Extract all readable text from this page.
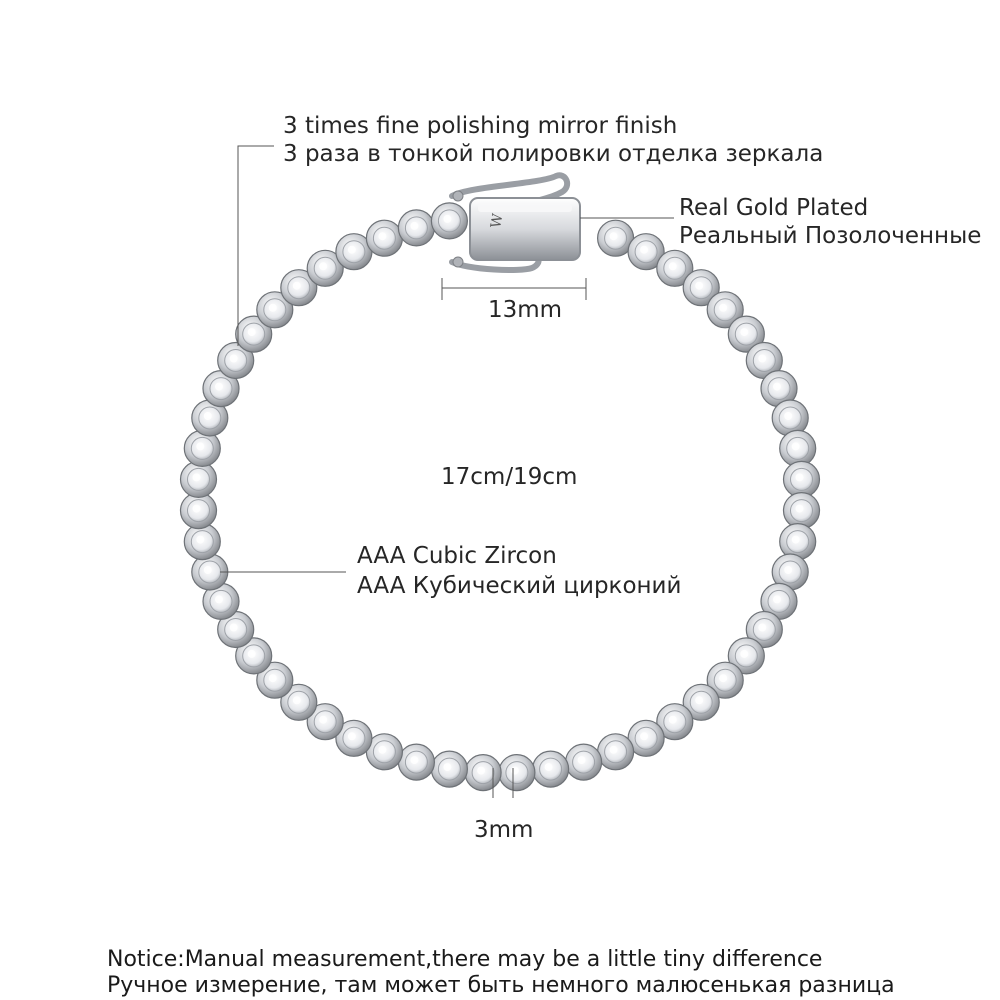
W
3 times fine polishing mirror finish
3 раза в тонкой полировки отделка зеркала
Real Gold Plated
Реальный Позолоченные
13mm
17cm/19cm
AAA Cubic Zircon
AAA Кубический цирконий
3mm
Notice:Manual measurement,there may be a little tiny difference
Ручное измерение, там может быть немного малюсенькая разница
